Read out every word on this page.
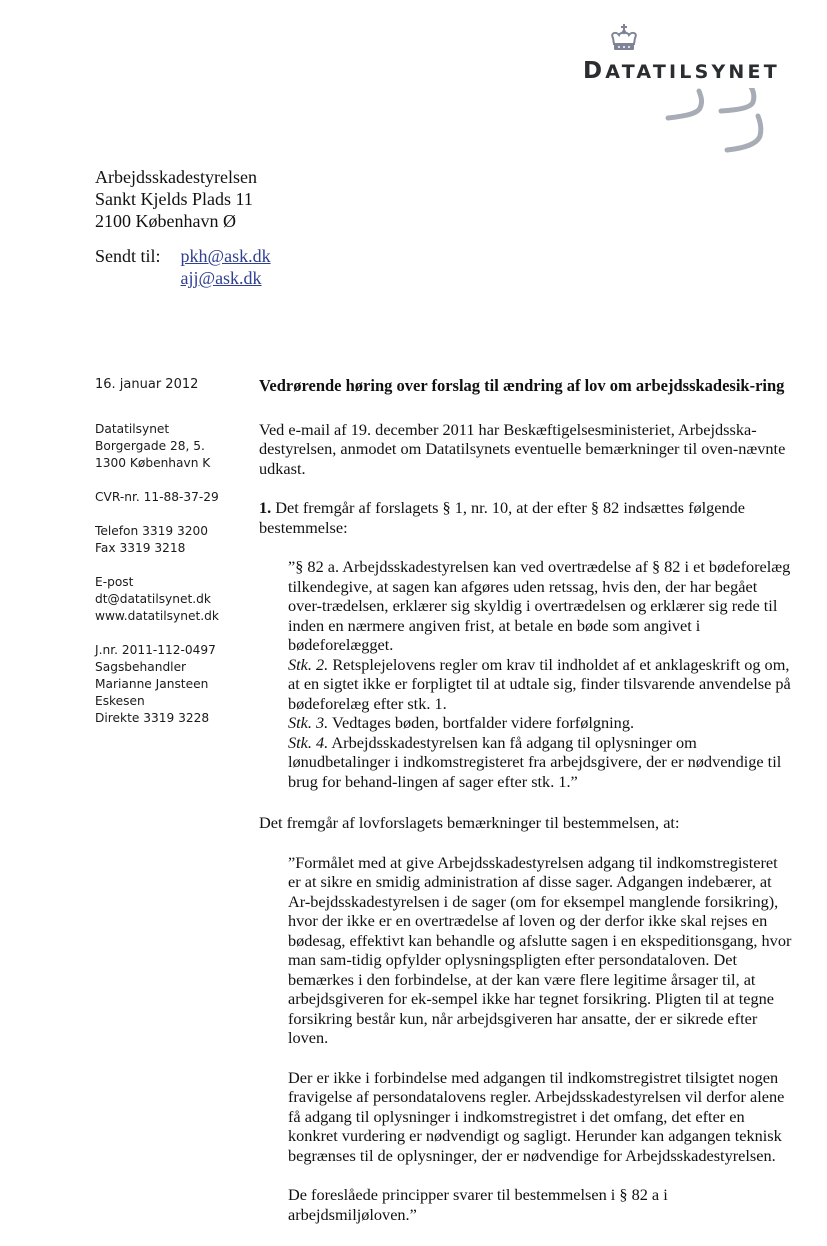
DATATILSYNET
Arbejdsskadestyrelsen
Sankt Kjelds Plads 11
2100 København Ø
Sendt til: pkh@ask.dk
ajj@ask.dk
16. januar 2012
Datatilsynet
Borgergade 28, 5.
1300 København K
CVR-nr. 11-88-37-29
Telefon 3319 3200
Fax 3319 3218
E-post
dt@datatilsynet.dk
www.datatilsynet.dk
J.nr. 2011-112-0497
Sagsbehandler
Marianne Jansteen
Eskesen
Direkte 3319 3228
Vedrørende høring over forslag til ændring af lov om arbejdsskadesik-ring

Ved e-mail af 19. december 2011 har Beskæftigelsesministeriet, Arbejdsska-destyrelsen, anmodet om Datatilsynets eventuelle bemærkninger til oven-nævnte udkast.

1. Det fremgår af forslagets § 1, nr. 10, at der efter § 82 indsættes følgende bestemmelse:

”§ 82 a. Arbejdsskadestyrelsen kan ved overtrædelse af § 82 i et bødeforelæg tilkendegive, at sagen kan afgøres uden retssag, hvis den, der har begået over-trædelsen, erklærer sig skyldig i overtrædelsen og erklærer sig rede til inden en nærmere angiven frist, at betale en bøde som angivet i bødeforelægget.

Stk. 2. Retsplejelovens regler om krav til indholdet af et anklageskrift og om, at en sigtet ikke er forpligtet til at udtale sig, finder tilsvarende anvendelse på bødeforelæg efter stk. 1.

Stk. 3. Vedtages bøden, bortfalder videre forfølgning.

Stk. 4. Arbejdsskadestyrelsen kan få adgang til oplysninger om lønudbetalinger i indkomstregisteret fra arbejdsgivere, der er nødvendige til brug for behand-lingen af sager efter stk. 1.”

Det fremgår af lovforslagets bemærkninger til bestemmelsen, at:

”Formålet med at give Arbejdsskadestyrelsen adgang til indkomstregisteret er at sikre en smidig administration af disse sager. Adgangen indebærer, at Ar-bejdsskadestyrelsen i de sager (om for eksempel manglende forsikring), hvor der ikke er en overtrædelse af loven og der derfor ikke skal rejses en bødesag, effektivt kan behandle og afslutte sagen i en ekspeditionsgang, hvor man sam-tidig opfylder oplysningspligten efter persondataloven. Det bemærkes i den forbindelse, at der kan være flere legitime årsager til, at arbejdsgiveren for ek-sempel ikke har tegnet forsikring. Pligten til at tegne forsikring består kun, når arbejdsgiveren har ansatte, der er sikrede efter loven.

Der er ikke i forbindelse med adgangen til indkomstregistret tilsigtet nogen fravigelse af persondatalovens regler. Arbejdsskadestyrelsen vil derfor alene få adgang til oplysninger i indkomstregistret i det omfang, det efter en konkret vurdering er nødvendigt og sagligt. Herunder kan adgangen teknisk begrænses til de oplysninger, der er nødvendige for Arbejdsskadestyrelsen.

De foreslåede principper svarer til bestemmelsen i § 82 a i arbejdsmiljøloven.”
